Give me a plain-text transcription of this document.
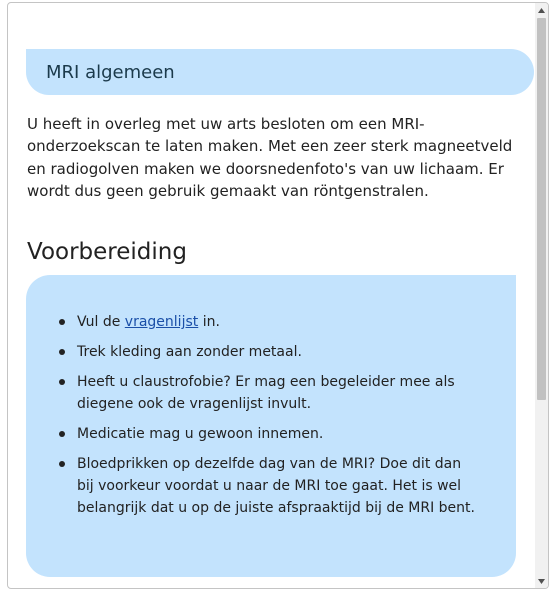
MRI algemeen

U heeft in overleg met uw arts besloten om een MRI-onderzoekscan te laten maken. Met een zeer sterk magneetveld en radiogolven maken we doorsnedenfoto's van uw lichaam. Er wordt dus geen gebruik gemaakt van röntgenstralen.

Voorbereiding
Vul de vragenlijst in.
Trek kleding aan zonder metaal.
Heeft u claustrofobie? Er mag een begeleider mee als diegene ook de vragenlijst invult.
Medicatie mag u gewoon innemen.
Bloedprikken op dezelfde dag van de MRI? Doe dit dan bij voorkeur voordat u naar de MRI toe gaat. Het is wel belangrijk dat u op de juiste afspraaktijd bij de MRI bent.
